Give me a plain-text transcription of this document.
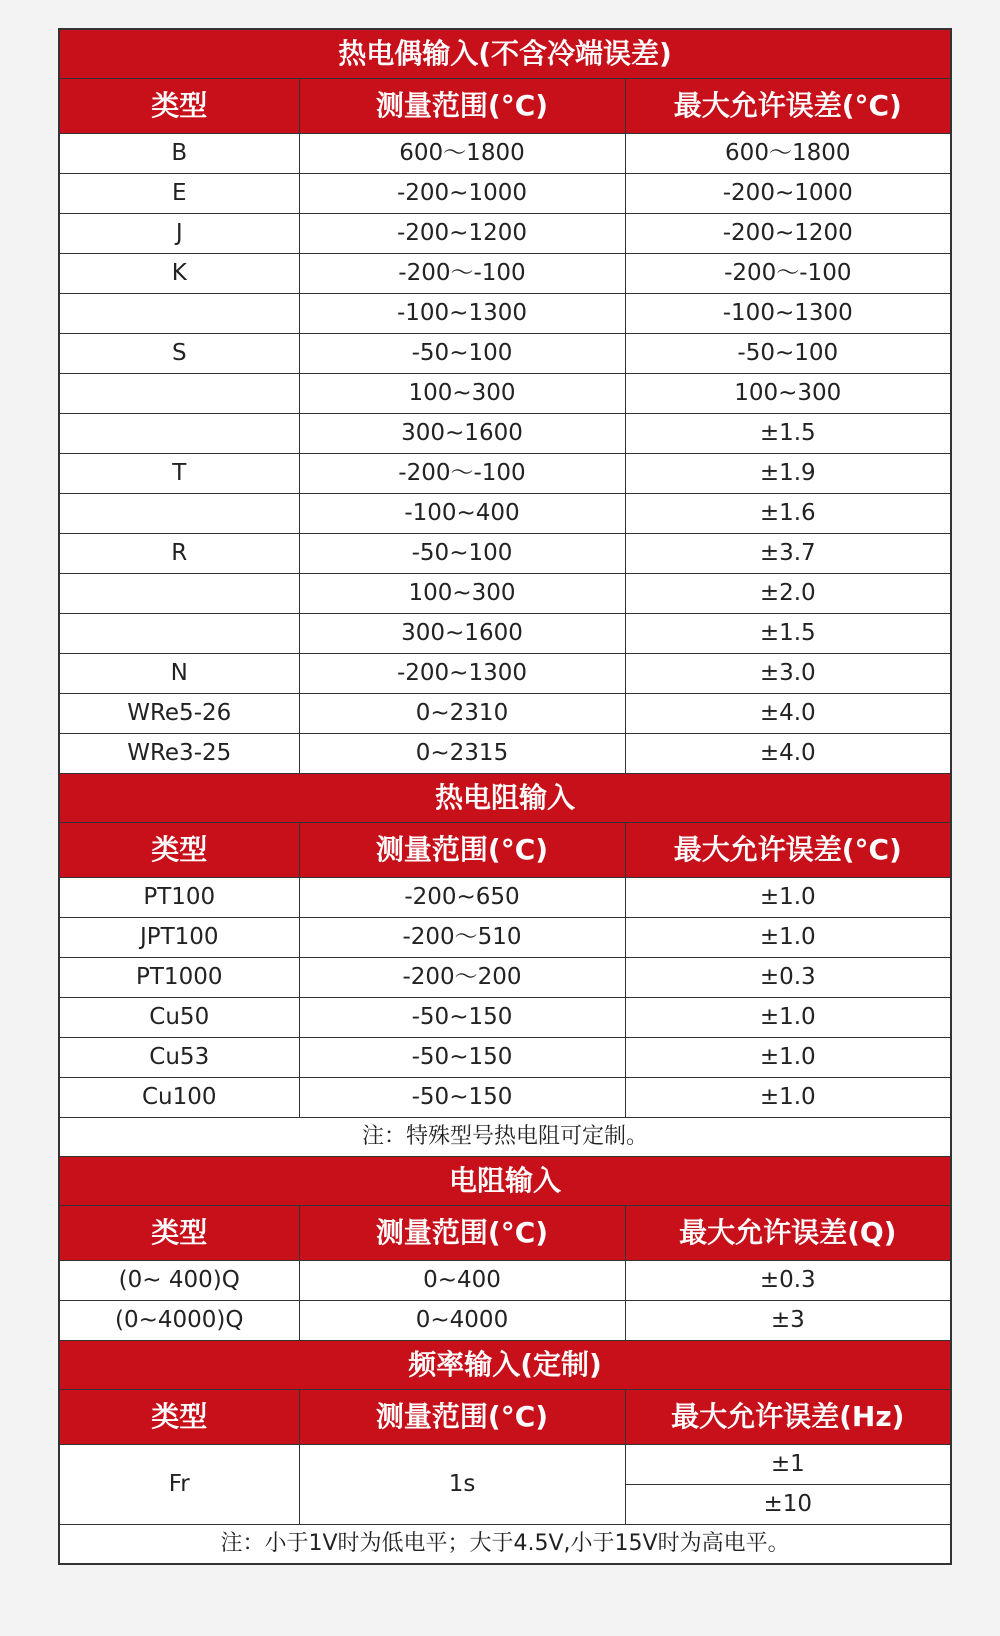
热电偶输入(不含冷端误差)		
类型	测量范围(°C)	最大允许误差(°C)
B	600～1800	600～1800
E	-200~1000	-200~1000
J	-200~1200	-200~1200
K	-200～-100	-200～-100
	-100~1300	-100~1300
S	-50~100	-50~100
	100~300	100~300
	300~1600	±1.5
T	-200～-100	±1.9
	-100~400	±1.6
R	-50~100	±3.7
	100~300	±2.0
	300~1600	±1.5
N	-200~1300	±3.0
WRe5-26	0~2310	±4.0
WRe3-25	0~2315	±4.0
热电阻输入		
类型	测量范围(°C)	最大允许误差(°C)
PT100	-200~650	±1.0
JPT100	-200～510	±1.0
PT1000	-200～200	±0.3
Cu50	-50~150	±1.0
Cu53	-50~150	±1.0
Cu100	-50~150	±1.0
注：特殊型号热电阻可定制。		
电阻输入		
类型	测量范围(°C)	最大允许误差(Q)
(0~ 400)Q	0~400	±0.3
(0~4000)Q	0~4000	±3
频率输入(定制)		
类型	测量范围(°C)	最大允许误差(Hz)
Fr	1s	±1
		±10
注：小于1V时为低电平；大于4.5V,小于15V时为高电平。		
